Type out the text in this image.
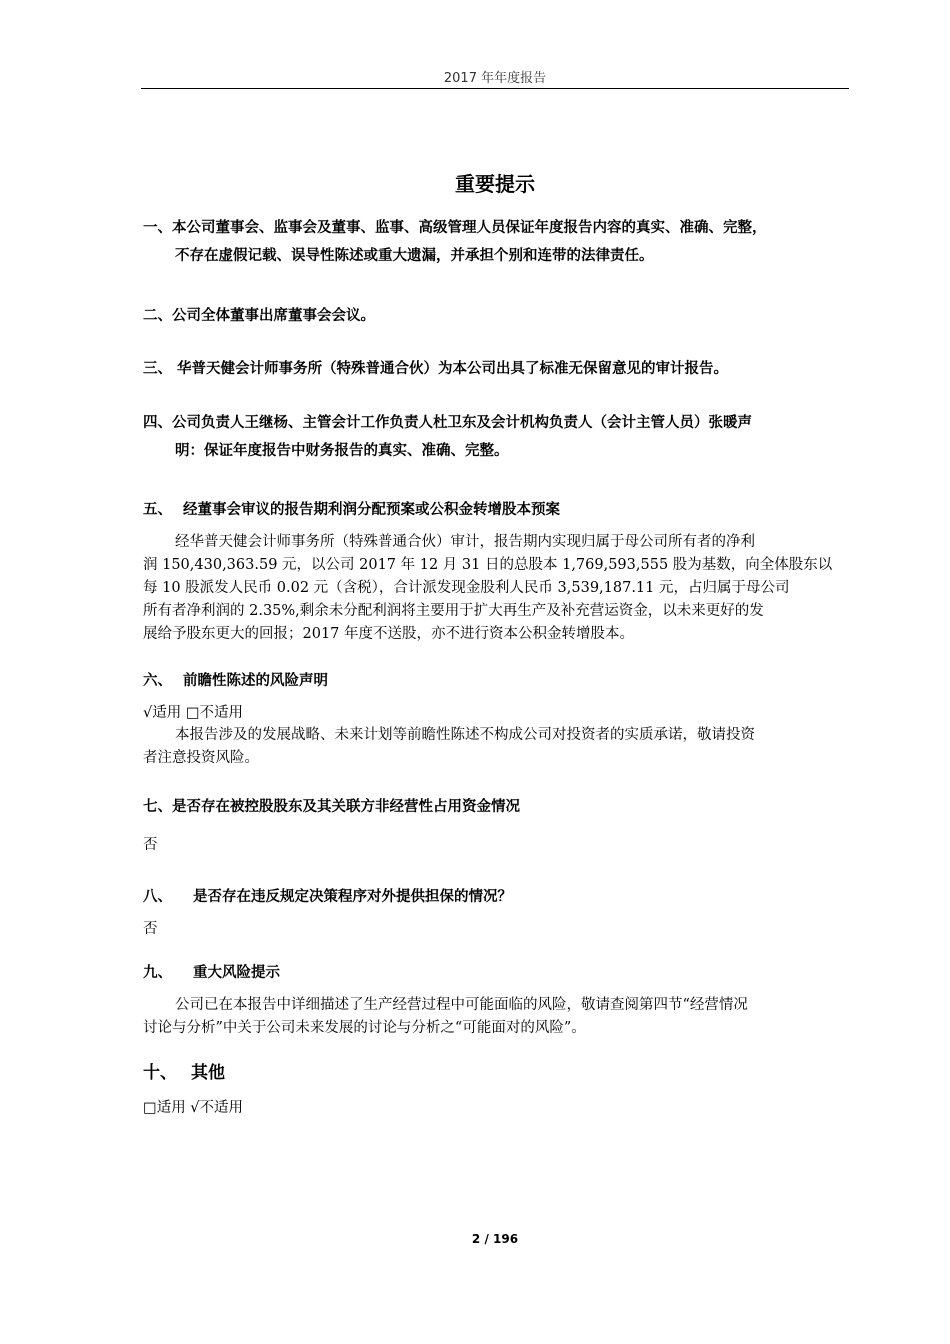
2017 年年度报告
重要提示
一、本公司董事会、监事会及董事、监事、高级管理人员保证年度报告内容的真实、准确、完整，
不存在虚假记载、误导性陈述或重大遗漏，并承担个别和连带的法律责任。
二、公司全体董事出席董事会会议。
三、 华普天健会计师事务所（特殊普通合伙）为本公司出具了标准无保留意见的审计报告。
四、公司负责人王继杨、主管会计工作负责人杜卫东及会计机构负责人（会计主管人员）张暖声
明：保证年度报告中财务报告的真实、准确、完整。
五、 经董事会审议的报告期利润分配预案或公积金转增股本预案
经华普天健会计师事务所（特殊普通合伙）审计，报告期内实现归属于母公司所有者的净利
润 150,430,363.59 元，以公司 2017 年 12 月 31 日的总股本 1,769,593,555 股为基数，向全体股东以
每 10 股派发人民币 0.02 元（含税），合计派发现金股利人民币 3,539,187.11 元，占归属于母公司
所有者净利润的 2.35%,剩余未分配利润将主要用于扩大再生产及补充营运资金，以未来更好的发
展给予股东更大的回报；2017 年度不送股，亦不进行资本公积金转增股本。
六、 前瞻性陈述的风险声明
√适用 □不适用
本报告涉及的发展战略、未来计划等前瞻性陈述不构成公司对投资者的实质承诺，敬请投资
者注意投资风险。
七、是否存在被控股股东及其关联方非经营性占用资金情况
否
八、 是否存在违反规定决策程序对外提供担保的情况？
否
九、 重大风险提示
公司已在本报告中详细描述了生产经营过程中可能面临的风险，敬请查阅第四节“经营情况
讨论与分析”中关于公司未来发展的讨论与分析之“可能面对的风险”。
十、 其他
□适用 √不适用
2 / 196
